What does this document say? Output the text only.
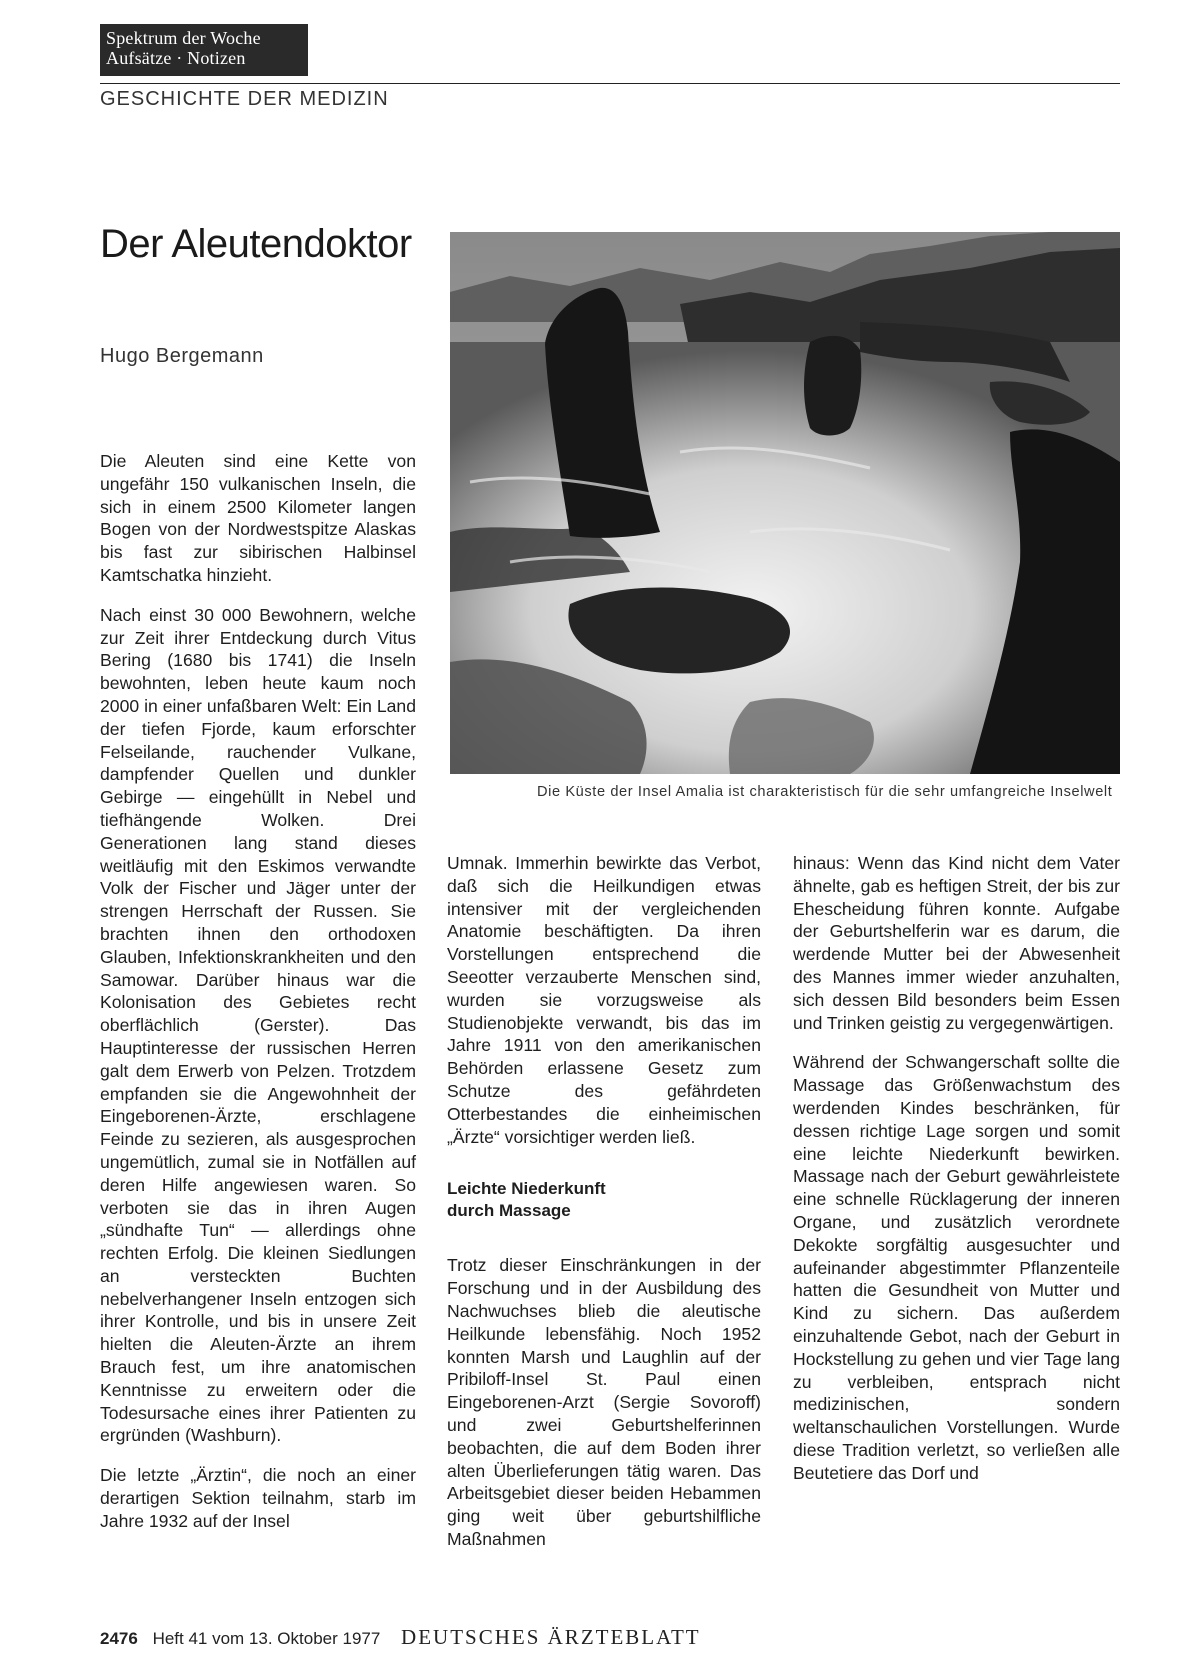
Spektrum der Woche
Aufsätze · Notizen
GESCHICHTE DER MEDIZIN
Der Aleutendoktor
Hugo Bergemann

Die Aleuten sind eine Kette von ungefähr 150 vulkanischen Inseln, die sich in einem 2500 Kilometer langen Bogen von der Nordwestspitze Alaskas bis fast zur sibirischen Halbinsel Kamtschatka hinzieht.

Nach einst 30 000 Bewohnern, welche zur Zeit ihrer Entdeckung durch Vitus Bering (1680 bis 1741) die Inseln bewohnten, leben heute kaum noch 2000 in einer unfaßbaren Welt: Ein Land der tiefen Fjorde, kaum erforschter Felseilande, rauchender Vulkane, dampfender Quellen und dunkler Gebirge — eingehüllt in Nebel und tiefhängende Wolken. Drei Generationen lang stand dieses weitläufig mit den Eskimos verwandte Volk der Fischer und Jäger unter der strengen Herrschaft der Russen. Sie brachten ihnen den orthodoxen Glauben, Infektionskrankheiten und den Samowar. Darüber hinaus war die Kolonisation des Gebietes recht oberflächlich (Gerster). Das Hauptinteresse der russischen Herren galt dem Erwerb von Pelzen. Trotzdem empfanden sie die Angewohnheit der Eingeborenen-Ärzte, erschlagene Feinde zu sezieren, als ausgesprochen ungemütlich, zumal sie in Notfällen auf deren Hilfe angewiesen waren. So verboten sie das in ihren Augen „sündhafte Tun“ — allerdings ohne rechten Erfolg. Die kleinen Siedlungen an versteckten Buchten nebelverhangener Inseln entzogen sich ihrer Kontrolle, und bis in unsere Zeit hielten die Aleuten-Ärzte an ihrem Brauch fest, um ihre anatomischen Kenntnisse zu erweitern oder die Todesursache eines ihrer Patienten zu ergründen (Washburn).

Die letzte „Ärztin“, die noch an einer derartigen Sektion teilnahm, starb im Jahre 1932 auf der Insel

Die Küste der Insel Amalia ist charakteristisch für die sehr umfangreiche Inselwelt

Umnak. Immerhin bewirkte das Verbot, daß sich die Heilkundigen etwas intensiver mit der vergleichenden Anatomie beschäftigten. Da ihren Vorstellungen entsprechend die Seeotter verzauberte Menschen sind, wurden sie vorzugsweise als Studienobjekte verwandt, bis das im Jahre 1911 von den amerikanischen Behörden erlassene Gesetz zum Schutze des gefährdeten Otterbestandes die einheimischen „Ärzte“ vorsichtiger werden ließ.

Leichte Niederkunft
durch Massage

Trotz dieser Einschränkungen in der Forschung und in der Ausbildung des Nachwuchses blieb die aleutische Heilkunde lebensfähig. Noch 1952 konnten Marsh und Laughlin auf der Pribiloff-Insel St. Paul einen Eingeborenen-Arzt (Sergie Sovoroff) und zwei Geburtshelferinnen beobachten, die auf dem Boden ihrer alten Überlieferungen tätig waren. Das Arbeitsgebiet dieser beiden Hebammen ging weit über geburtshilfliche Maßnahmen

hinaus: Wenn das Kind nicht dem Vater ähnelte, gab es heftigen Streit, der bis zur Ehescheidung führen konnte. Aufgabe der Geburtshelferin war es darum, die werdende Mutter bei der Abwesenheit des Mannes immer wieder anzuhalten, sich dessen Bild besonders beim Essen und Trinken geistig zu vergegenwärtigen.

Während der Schwangerschaft sollte die Massage das Größenwachstum des werdenden Kindes beschränken, für dessen richtige Lage sorgen und somit eine leichte Niederkunft bewirken. Massage nach der Geburt gewährleistete eine schnelle Rücklagerung der inneren Organe, und zusätzlich verordnete Dekokte sorgfältig ausgesuchter und aufeinander abgestimmter Pflanzenteile hatten die Gesundheit von Mutter und Kind zu sichern. Das außerdem einzuhaltende Gebot, nach der Geburt in Hockstellung zu gehen und vier Tage lang zu verbleiben, entsprach nicht medizinischen, sondern weltanschaulichen Vorstellungen. Wurde diese Tradition verletzt, so verließen alle Beutetiere das Dorf und

2476 Heft 41 vom 13. Oktober 1977 DEUTSCHES ÄRZTEBLATT
